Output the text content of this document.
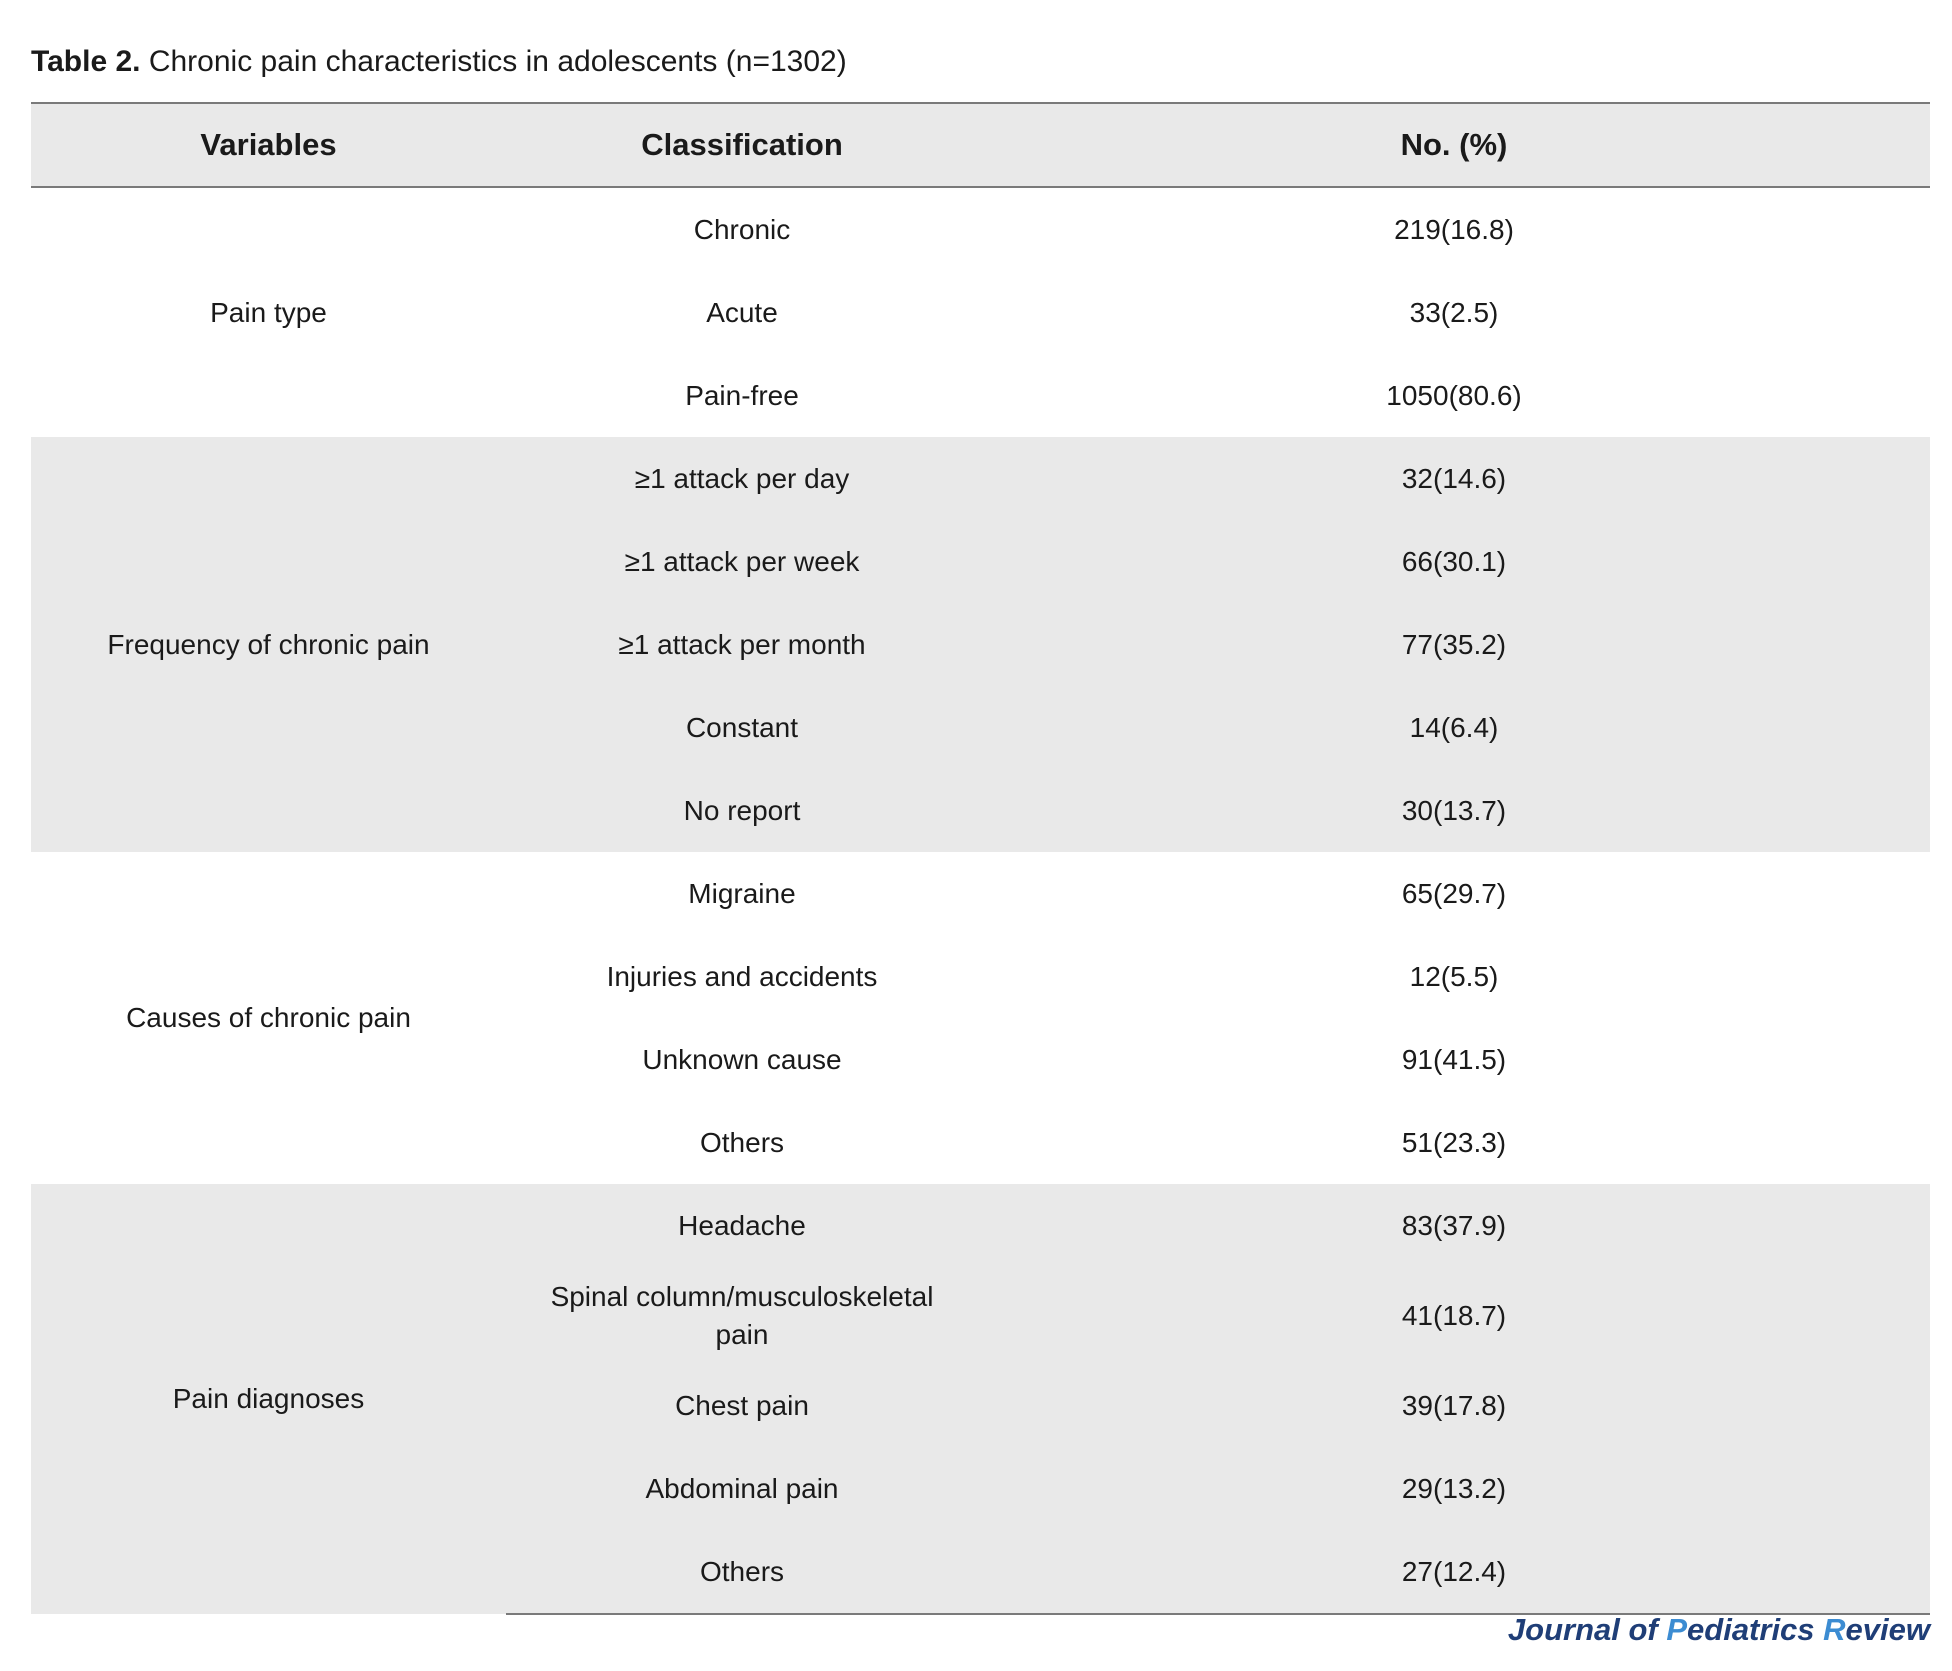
Table 2. Chronic pain characteristics in adolescents (n=1302)
Variables	Classification	No. (%)
Pain type	Chronic	219(16.8)
	Acute	33(2.5)
	Pain-free	1050(80.6)
Frequency of chronic pain	≥1 attack per day	32(14.6)
	≥1 attack per week	66(30.1)
	≥1 attack per month	77(35.2)
	Constant	14(6.4)
	No report	30(13.7)
Causes of chronic pain	Migraine	65(29.7)
	Injuries and accidents	12(5.5)
	Unknown cause	91(41.5)
	Others	51(23.3)
Pain diagnoses	Headache	83(37.9)
	Spinal column/musculoskeletal pain	41(18.7)
	Chest pain	39(17.8)
	Abdominal pain	29(13.2)
	Others	27(12.4)
Journal of Pediatrics Review
